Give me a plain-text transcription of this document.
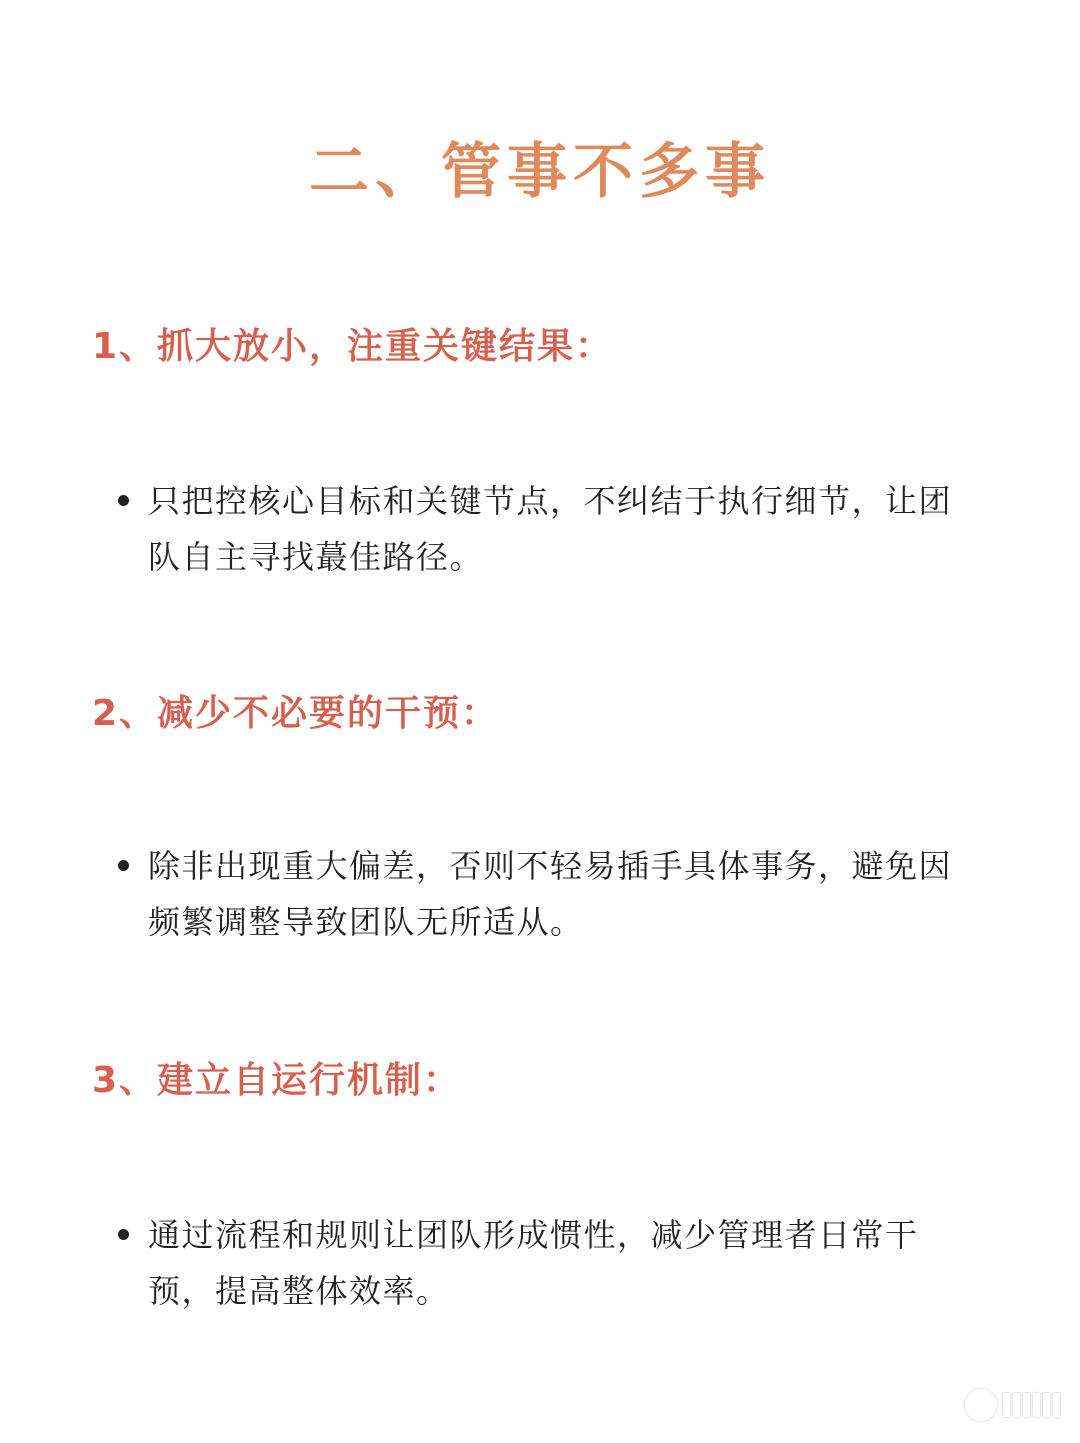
二、管事不多事
1、抓大放小，注重关键结果：

只把控核心目标和关键节点，不纠结于执行细节，让团队自主寻找蕞佳路径。

2、减少不必要的干预：

除非出现重大偏差，否则不轻易插手具体事务，避免因频繁调整导致团队无所适从。

3、建立自运行机制：

通过流程和规则让团队形成惯性，减少管理者日常干预，提高整体效率。
